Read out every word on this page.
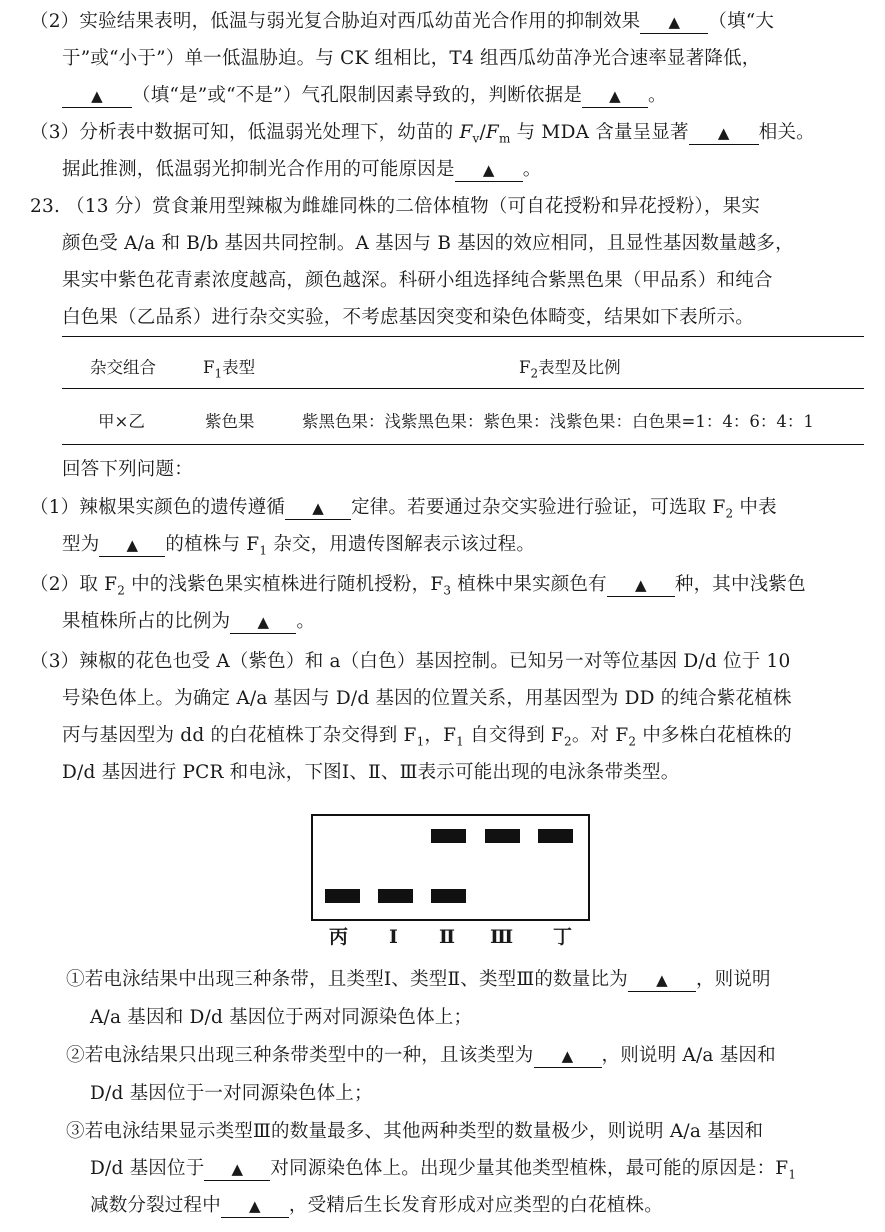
（2）实验结果表明，低温与弱光复合胁迫对西瓜幼苗光合作用的抑制效果 ▲ （填“大
于”或“小于”）单一低温胁迫。与 CK 组相比，T4 组西瓜幼苗净光合速率显著降低，
▲ （填“是”或“不是”）气孔限制因素导致的，判断依据是 ▲ 。
（3）分析表中数据可知，低温弱光处理下，幼苗的 $F_v/F_m$ 与 MDA 含量呈显著 ▲ 相关。
据此推测，低温弱光抑制光合作用的可能原因是 ▲ 。
23. （13 分）赏食兼用型辣椒为雌雄同株的二倍体植物（可自花授粉和异花授粉），果实
颜色受 A/a 和 B/b 基因共同控制。A 基因与 B 基因的效应相同，且显性基因数量越多，
果实中紫色花青素浓度越高，颜色越深。科研小组选择纯合紫黑色果（甲品系）和纯合
白色果（乙品系）进行杂交实验，不考虑基因突变和染色体畸变，结果如下表所示。
杂交组合	$F_1$表型	$F_2$表型及比例
甲×乙	紫色果	紫黑色果：浅紫黑色果：紫色果：浅紫色果：白色果=1：4：6：4：1
回答下列问题：
（1）辣椒果实颜色的遗传遵循 ▲ 定律。若要通过杂交实验进行验证，可选取 $F_2$ 中表
型为 ▲ 的植株与 $F_1$ 杂交，用遗传图解表示该过程。
（2）取 $F_2$ 中的浅紫色果实植株进行随机授粉，$F_3$ 植株中果实颜色有 ▲ 种，其中浅紫色
果植株所占的比例为 ▲ 。
（3）辣椒的花色也受 A（紫色）和 a（白色）基因控制。已知另一对等位基因 D/d 位于 10
号染色体上。为确定 A/a 基因与 D/d 基因的位置关系，用基因型为 DD 的纯合紫花植株
丙与基因型为 dd 的白花植株丁杂交得到 $F_1$，$F_1$ 自交得到 $F_2$。对 $F_2$ 中多株白花植株的
D/d 基因进行 PCR 和电泳，下图Ⅰ、Ⅱ、Ⅲ表示可能出现的电泳条带类型。
丙 Ⅰ Ⅱ Ⅲ 丁
①若电泳结果中出现三种条带，且类型Ⅰ、类型Ⅱ、类型Ⅲ的数量比为 ▲ ，则说明
A/a 基因和 D/d 基因位于两对同源染色体上；
②若电泳结果只出现三种条带类型中的一种，且该类型为 ▲ ，则说明 A/a 基因和
D/d 基因位于一对同源染色体上；
③若电泳结果显示类型Ⅲ的数量最多、其他两种类型的数量极少，则说明 A/a 基因和
D/d 基因位于 ▲ 对同源染色体上。出现少量其他类型植株，最可能的原因是：$F_1$
减数分裂过程中 ▲ ，受精后生长发育形成对应类型的白花植株。
